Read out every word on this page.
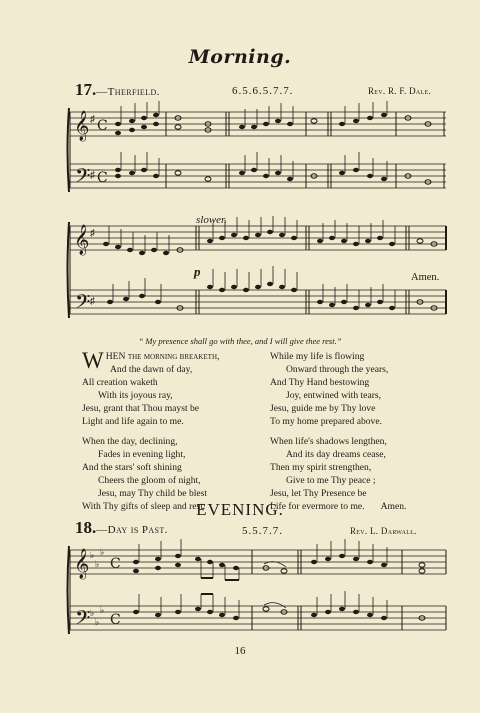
Morning.
17.—Therfield.	6.5.6.5.7.7.	Rev. R. F. Dale.
𝄞
𝄢
♯
♯
C
C
𝄞
𝄢
♯
♯
slower.
p	Amen.
“ My presence shall go with thee, and I will give thee rest.”
WHEN the morning breaketh,
And the dawn of day,
All creation waketh
With its joyous ray,
Jesu, grant that Thou mayst be
Light and life again to me.
When the day, declining,
Fades in evening light,
And the stars' soft shining
Cheers the gloom of night,
Jesu, may Thy child be blest
With Thy gifts of sleep and rest.
While my life is flowing
Onward through the years,
And Thy Hand bestowing
Joy, entwined with tears,
Jesu, guide me by Thy love
To my home prepared above.
When life's shadows lengthen,
And its day dreams cease,
Then my spirit strengthen,
Give to me Thy peace ;
Jesu, let Thy Presence be
Life for evermore to me. Amen.
EVENING.
18.—Day is Past.	5.5.7.7.	Rev. L. Darwall.
𝄞
𝄢
♭
♭
♭
♭
♭
♭
C
C
16
